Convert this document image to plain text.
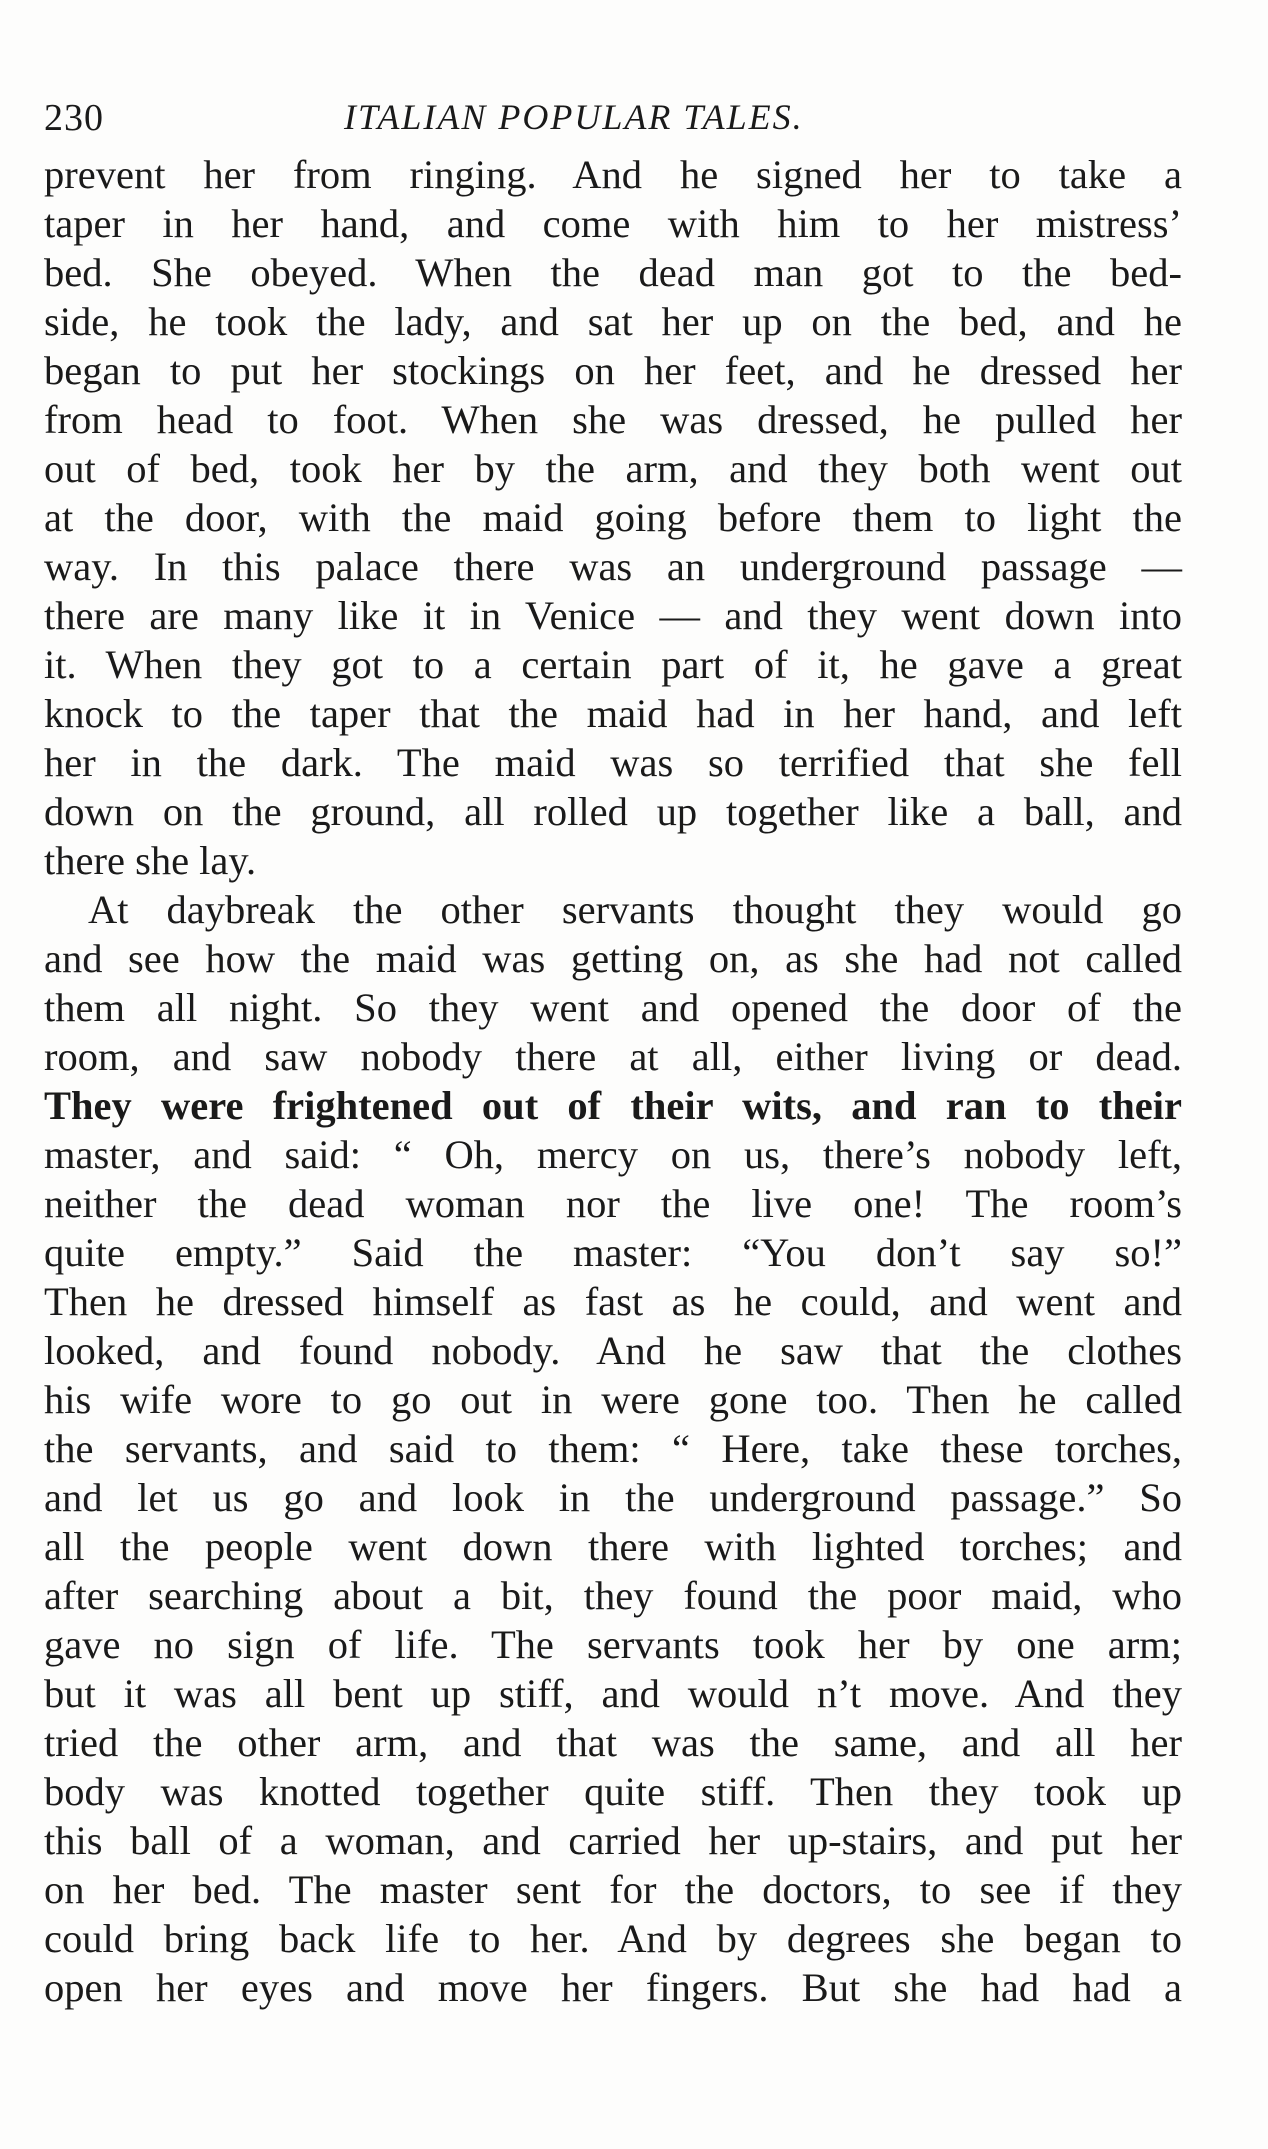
230	ITALIAN POPULAR TALES.
prevent her from ringing. And he signed her to take a
taper in her hand, and come with him to her mistress’
bed. She obeyed. When the dead man got to the bed-
side, he took the lady, and sat her up on the bed, and he
began to put her stockings on her feet, and he dressed her
from head to foot. When she was dressed, he pulled her
out of bed, took her by the arm, and they both went out
at the door, with the maid going before them to light the
way. In this palace there was an underground passage —
there are many like it in Venice — and they went down into
it. When they got to a certain part of it, he gave a great
knock to the taper that the maid had in her hand, and left
her in the dark. The maid was so terrified that she fell
down on the ground, all rolled up together like a ball, and
there she lay.
At daybreak the other servants thought they would go
and see how the maid was getting on, as she had not called
them all night. So they went and opened the door of the
room, and saw nobody there at all, either living or dead.
They were frightened out of their wits, and ran to their
master, and said: “ Oh, mercy on us, there’s nobody left,
neither the dead woman nor the live one! The room’s
quite empty.” Said the master: “You don’t say so!”
Then he dressed himself as fast as he could, and went and
looked, and found nobody. And he saw that the clothes
his wife wore to go out in were gone too. Then he called
the servants, and said to them: “ Here, take these torches,
and let us go and look in the underground passage.” So
all the people went down there with lighted torches; and
after searching about a bit, they found the poor maid, who
gave no sign of life. The servants took her by one arm;
but it was all bent up stiff, and would n’t move. And they
tried the other arm, and that was the same, and all her
body was knotted together quite stiff. Then they took up
this ball of a woman, and carried her up-stairs, and put her
on her bed. The master sent for the doctors, to see if they
could bring back life to her. And by degrees she began to
open her eyes and move her fingers. But she had had a
